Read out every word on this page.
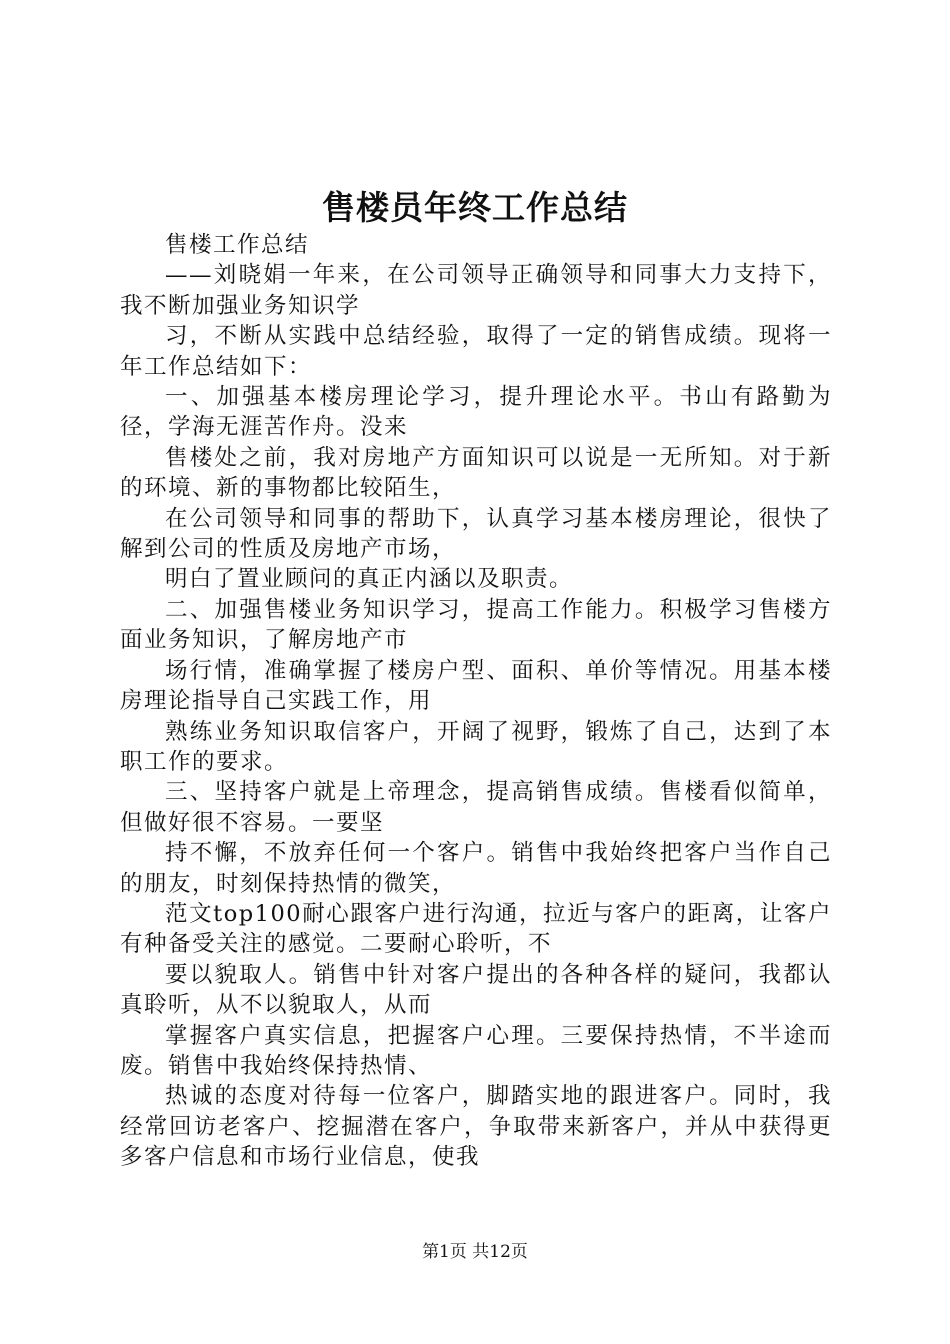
售楼员年终工作总结

售楼工作总结

——刘晓娟一年来，在公司领导正确领导和同事大力支持下，我不断加强业务知识学

习，不断从实践中总结经验，取得了一定的销售成绩。现将一年工作总结如下：

一、加强基本楼房理论学习，提升理论水平。书山有路勤为径，学海无涯苦作舟。没来

售楼处之前，我对房地产方面知识可以说是一无所知。对于新的环境、新的事物都比较陌生，

在公司领导和同事的帮助下，认真学习基本楼房理论，很快了解到公司的性质及房地产市场，

明白了置业顾问的真正内涵以及职责。

二、加强售楼业务知识学习，提高工作能力。积极学习售楼方面业务知识，了解房地产市

场行情，准确掌握了楼房户型、面积、单价等情况。用基本楼房理论指导自己实践工作，用

熟练业务知识取信客户，开阔了视野，锻炼了自己，达到了本职工作的要求。

三、坚持客户就是上帝理念，提高销售成绩。售楼看似简单，但做好很不容易。一要坚

持不懈，不放弃任何一个客户。销售中我始终把客户当作自己的朋友，时刻保持热情的微笑，

范文top100耐心跟客户进行沟通，拉近与客户的距离，让客户有种备受关注的感觉。二要耐心聆听，不

要以貌取人。销售中针对客户提出的各种各样的疑问，我都认真聆听，从不以貌取人，从而

掌握客户真实信息，把握客户心理。三要保持热情，不半途而废。销售中我始终保持热情、

热诚的态度对待每一位客户，脚踏实地的跟进客户。同时，我经常回访老客户、挖掘潜在客户，争取带来新客户，并从中获得更多客户信息和市场行业信息，使我

第1页 共12页
